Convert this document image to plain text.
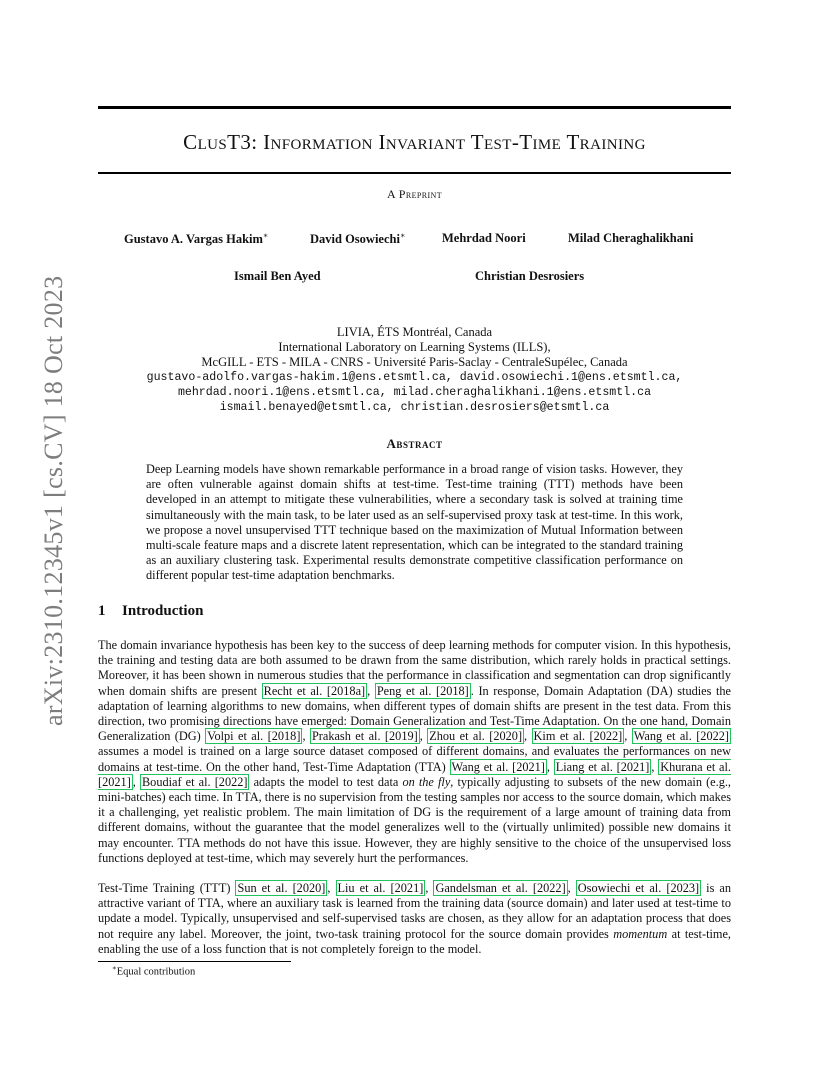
arXiv:2310.12345v1 [cs.CV] 18 Oct 2023
ClusT3: Information Invariant Test-Time Training
A Preprint
Gustavo A. Vargas Hakim∗	David Osowiechi∗	Mehrdad Noori	Milad Cheraghalikhani
Ismail Ben Ayed	Christian Desrosiers
LIVIA, ÉTS Montréal, Canada
International Laboratory on Learning Systems (ILLS),
McGILL - ETS - MILA - CNRS - Université Paris-Saclay - CentraleSupélec, Canada
gustavo-adolfo.vargas-hakim.1@ens.etsmtl.ca, david.osowiechi.1@ens.etsmtl.ca,
mehrdad.noori.1@ens.etsmtl.ca, milad.cheraghalikhani.1@ens.etsmtl.ca
ismail.benayed@etsmtl.ca, christian.desrosiers@etsmtl.ca
Abstract
Deep Learning models have shown remarkable performance in a broad range of vision tasks. However, they are often vulnerable against domain shifts at test-time. Test-time training (TTT) methods have been developed in an attempt to mitigate these vulnerabilities, where a secondary task is solved at training time simultaneously with the main task, to be later used as an self-supervised proxy task at test-time. In this work, we propose a novel unsupervised TTT technique based on the maximization of Mutual Information between multi-scale feature maps and a discrete latent representation, which can be integrated to the standard training as an auxiliary clustering task. Experimental results demonstrate competitive classification performance on different popular test-time adaptation benchmarks.
1 Introduction
The domain invariance hypothesis has been key to the success of deep learning methods for computer vision. In this hypothesis, the training and testing data are both assumed to be drawn from the same distribution, which rarely holds in practical settings. Moreover, it has been shown in numerous studies that the performance in classification and segmentation can drop significantly when domain shifts are present Recht et al. [2018a] , Peng et al. [2018] . In response, Domain Adaptation (DA) studies the adaptation of learning algorithms to new domains, when different types of domain shifts are present in the test data. From this direction, two promising directions have emerged: Domain Generalization and Test-Time Adaptation. On the one hand, Domain Generalization (DG) Volpi et al. [2018] , Prakash et al. [2019] , Zhou et al. [2020] , Kim et al. [2022] , Wang et al. [2022] assumes a model is trained on a large source dataset composed of different domains, and evaluates the performances on new domains at test-time. On the other hand, Test-Time Adaptation (TTA) Wang et al. [2021] , Liang et al. [2021] , Khurana et al. [2021] , Boudiaf et al. [2022] adapts the model to test data on the fly, typically adjusting to subsets of the new domain (e.g., mini-batches) each time. In TTA, there is no supervision from the testing samples nor access to the source domain, which makes it a challenging, yet realistic problem. The main limitation of DG is the requirement of a large amount of training data from different domains, without the guarantee that the model generalizes well to the (virtually unlimited) possible new domains it may encounter. TTA methods do not have this issue. However, they are highly sensitive to the choice of the unsupervised loss functions deployed at test-time, which may severely hurt the performances.
Test-Time Training (TTT) Sun et al. [2020] , Liu et al. [2021] , Gandelsman et al. [2022] , Osowiechi et al. [2023] is an attractive variant of TTA, where an auxiliary task is learned from the training data (source domain) and later used at test-time to update a model. Typically, unsupervised and self-supervised tasks are chosen, as they allow for an adaptation process that does not require any label. Moreover, the joint, two-task training protocol for the source domain provides momentum at test-time, enabling the use of a loss function that is not completely foreign to the model.
∗Equal contribution
